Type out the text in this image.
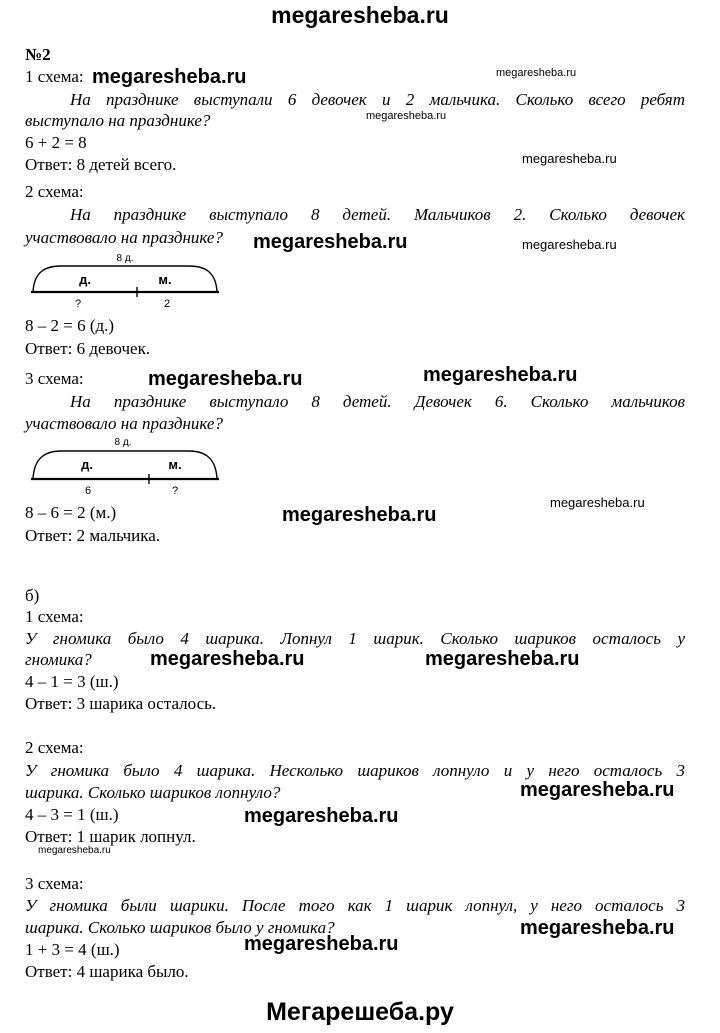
megaresheba.ru
№2
1 схема:
На празднике выступали 6 девочек и 2 мальчика. Сколько всего ребят
выступало на празднике?
6 + 2 = 8
Ответ: 8 детей всего.
2 схема:
На празднике выступало 8 детей. Мальчиков 2. Сколько девочек
участвовало на празднике?
8 д.
д.	м.
?	2
8 – 2 = 6 (д.)
Ответ: 6 девочек.
3 схема:
На празднике выступало 8 детей. Девочек 6. Сколько мальчиков
участвовало на празднике?
8 д.
д.	м.
6	?
8 – 6 = 2 (м.)
Ответ: 2 мальчика.
б)
1 схема:
У гномика было 4 шарика. Лопнул 1 шарик. Сколько шариков осталось у
гномика?
4 – 1 = 3 (ш.)
Ответ: 3 шарика осталось.
2 схема:
У гномика было 4 шарика. Несколько шариков лопнуло и у него осталось 3
шарика. Сколько шариков лопнуло?
4 – 3 = 1 (ш.)
Ответ: 1 шарик лопнул.
3 схема:
У гномика были шарики. После того как 1 шарик лопнул, у него осталось 3
шарика. Сколько шариков было у гномика?
1 + 3 = 4 (ш.)
Ответ: 4 шарика было.
megaresheba.ru
megaresheba.ru
megaresheba.ru	megaresheba.ru
megaresheba.ru
megaresheba.ru	megaresheba.ru
megaresheba.ru
megaresheba.ru
megaresheba.ru
megaresheba.ru
megaresheba.ru
megaresheba.ru
megaresheba.ru
megaresheba.ru
megaresheba.ru
megaresheba.ru
Мегарешеба.ру
